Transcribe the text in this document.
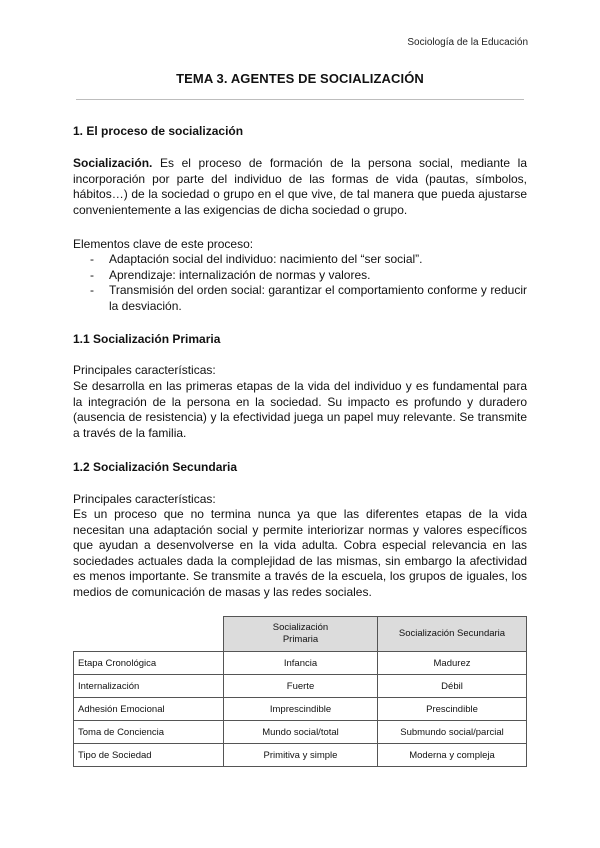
Sociología de la Educación
TEMA 3. AGENTES DE SOCIALIZACIÓN
1. El proceso de socialización
Socialización. Es el proceso de formación de la persona social, mediante la incorporación por parte del individuo de las formas de vida (pautas, símbolos, hábitos…) de la sociedad o grupo en el que vive, de tal manera que pueda ajustarse convenientemente a las exigencias de dicha sociedad o grupo.
Elementos clave de este proceso:
- Adaptación social del individuo: nacimiento del “ser social”.
- Aprendizaje: internalización de normas y valores.
- Transmisión del orden social: garantizar el comportamiento conforme y reducir la desviación.
1.1 Socialización Primaria
Principales características:
Se desarrolla en las primeras etapas de la vida del individuo y es fundamental para la integración de la persona en la sociedad. Su impacto es profundo y duradero (ausencia de resistencia) y la efectividad juega un papel muy relevante. Se transmite a través de la familia.
1.2 Socialización Secundaria
Principales características:
Es un proceso que no termina nunca ya que las diferentes etapas de la vida necesitan una adaptación social y permite interiorizar normas y valores específicos que ayudan a desenvolverse en la vida adulta. Cobra especial relevancia en las sociedades actuales dada la complejidad de las mismas, sin embargo la afectividad es menos importante. Se transmite a través de la escuela, los grupos de iguales, los medios de comunicación de masas y las redes sociales.
	Socialización
Primaria	Socialización Secundaria
Etapa Cronológica	Infancia	Madurez
Internalización	Fuerte	Débil
Adhesión Emocional	Imprescindible	Prescindible
Toma de Conciencia	Mundo social/total	Submundo social/parcial
Tipo de Sociedad	Primitiva y simple	Moderna y compleja
